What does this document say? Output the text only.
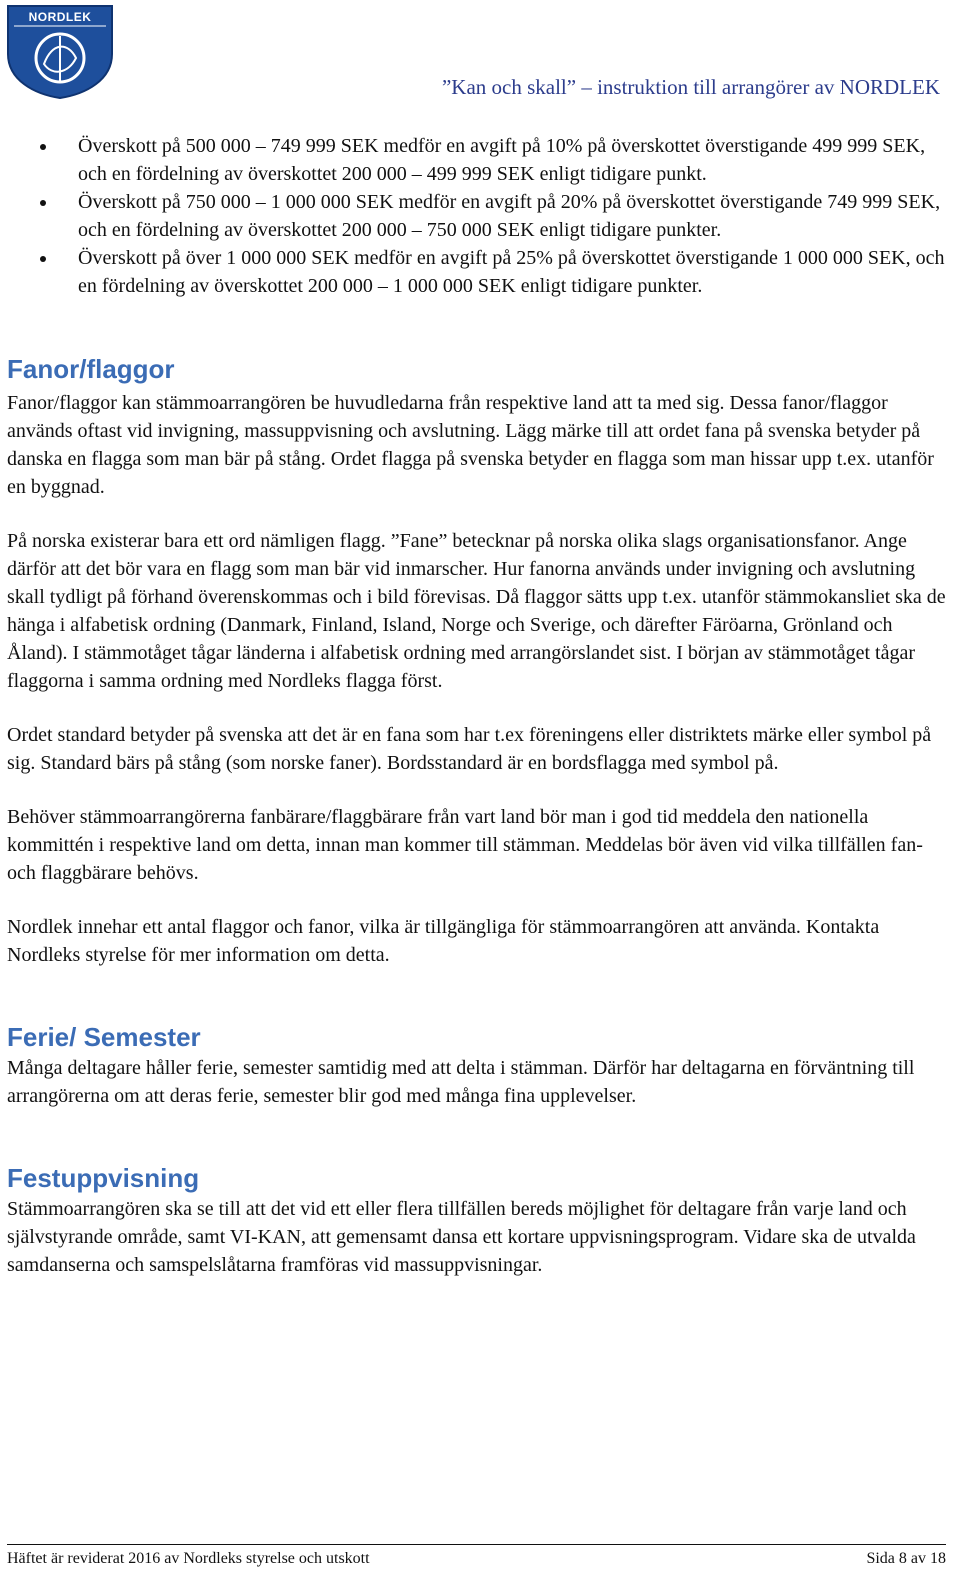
NORDLEK
”Kan och skall” – instruktion till arrangörer av NORDLEK
Överskott på 500 000 – 749 999 SEK medför en avgift på 10% på överskottet överstigande 499 999 SEK, och en fördelning av överskottet 200 000 – 499 999 SEK enligt tidigare punkt.
Överskott på 750 000 – 1 000 000 SEK medför en avgift på 20% på överskottet överstigande 749 999 SEK, och en fördelning av överskottet 200 000 – 750 000 SEK enligt tidigare punkter.
Överskott på över 1 000 000 SEK medför en avgift på 25% på överskottet överstigande 1 000 000 SEK, och en fördelning av överskottet 200 000 – 1 000 000 SEK enligt tidigare punkter.
Fanor/flaggor

Fanor/flaggor kan stämmoarrangören be huvudledarna från respektive land att ta med sig. Dessa fanor/flaggor används oftast vid invigning, massuppvisning och avslutning. Lägg märke till att ordet fana på svenska betyder på danska en flagga som man bär på stång. Ordet flagga på svenska betyder en flagga som man hissar upp t.ex. utanför en byggnad.

På norska existerar bara ett ord nämligen flagg. ”Fane” betecknar på norska olika slags organisationsfanor. Ange därför att det bör vara en flagg som man bär vid inmarscher. Hur fanorna används under invigning och avslutning skall tydligt på förhand överenskommas och i bild förevisas. Då flaggor sätts upp t.ex. utanför stämmokansliet ska de hänga i alfabetisk ordning (Danmark, Finland, Island, Norge och Sverige, och därefter Färöarna, Grönland och Åland). I stämmotåget tågar länderna i alfabetisk ordning med arrangörslandet sist. I början av stämmotåget tågar flaggorna i samma ordning med Nordleks flagga först.

Ordet standard betyder på svenska att det är en fana som har t.ex föreningens eller distriktets märke eller symbol på sig. Standard bärs på stång (som norske faner). Bordsstandard är en bordsflagga med symbol på.

Behöver stämmoarrangörerna fanbärare/flaggbärare från vart land bör man i god tid meddela den nationella kommittén i respektive land om detta, innan man kommer till stämman. Meddelas bör även vid vilka tillfällen fan- och flaggbärare behövs.

Nordlek innehar ett antal flaggor och fanor, vilka är tillgängliga för stämmoarrangören att använda. Kontakta Nordleks styrelse för mer information om detta.

Ferie/ Semester

Många deltagare håller ferie, semester samtidig med att delta i stämman. Därför har deltagarna en förväntning till arrangörerna om att deras ferie, semester blir god med många fina upplevelser.

Festuppvisning

Stämmoarrangören ska se till att det vid ett eller flera tillfällen bereds möjlighet för deltagare från varje land och självstyrande område, samt VI-KAN, att gemensamt dansa ett kortare uppvisningsprogram. Vidare ska de utvalda samdanserna och samspelslåtarna framföras vid massuppvisningar.

Häftet är reviderat 2016 av Nordleks styrelse och utskott	Sida 8 av 18
